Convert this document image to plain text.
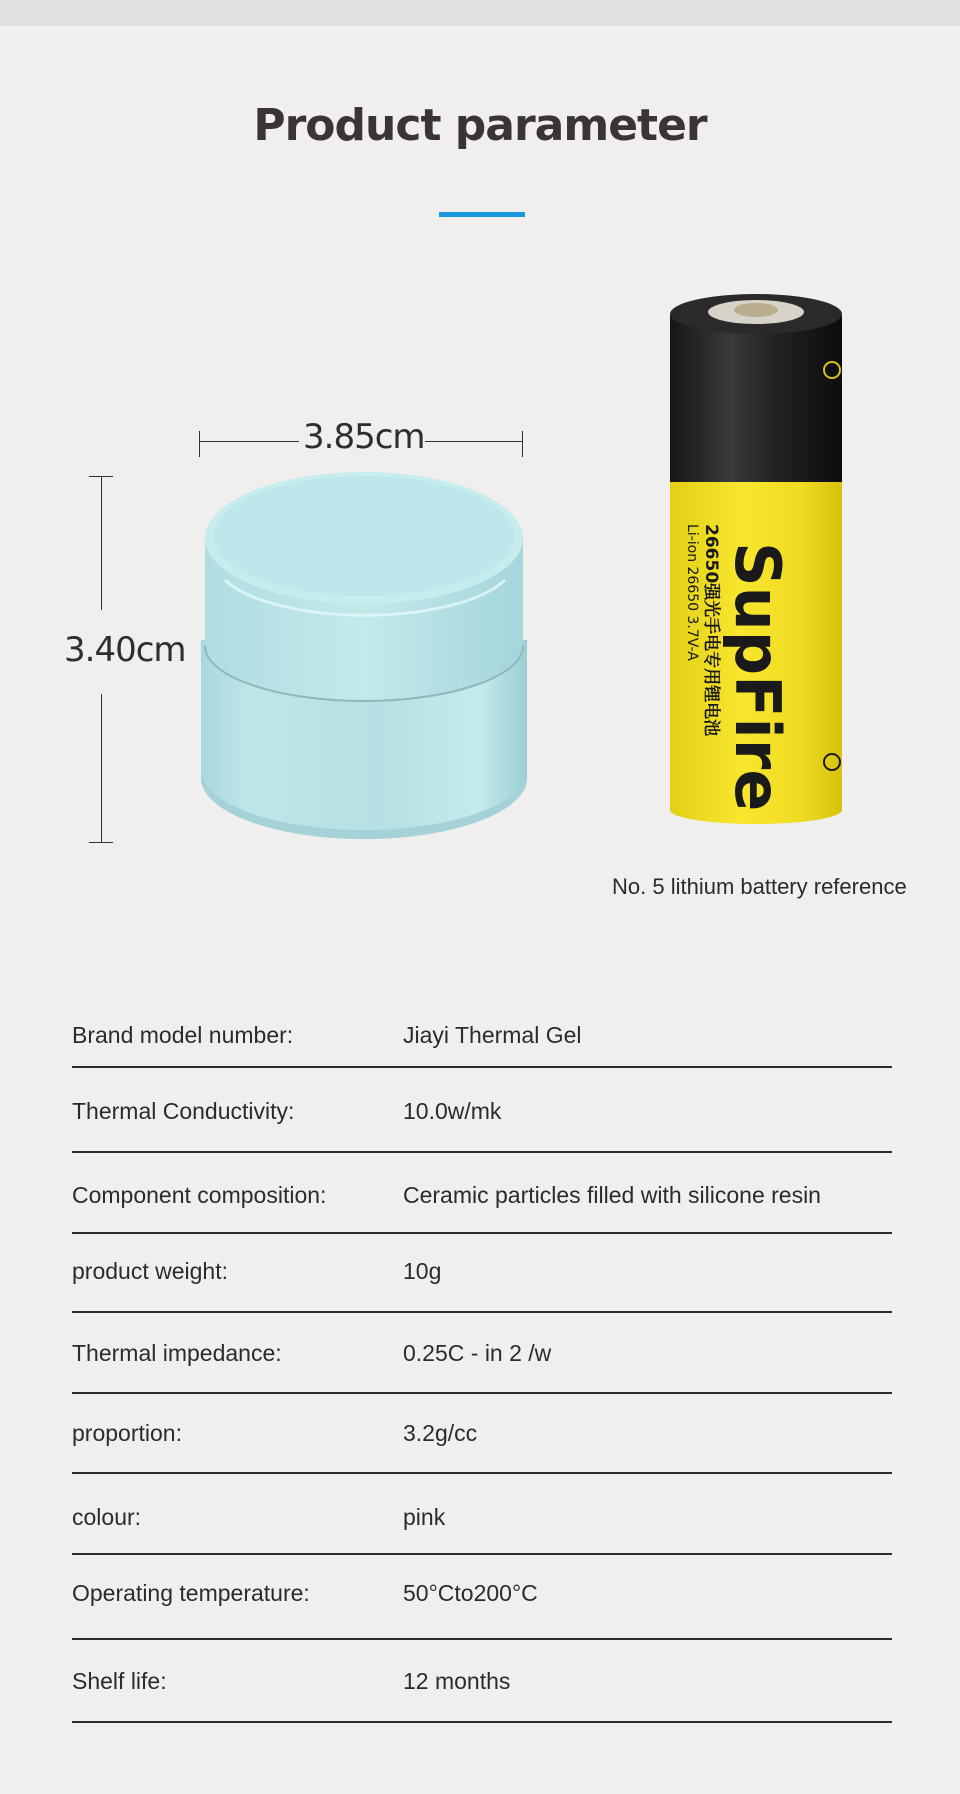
Product parameter
3.85cm
3.40cm	SupFire
26650强光手电专用锂电池
Li-ion 26650 3.7V-A
No. 5 lithium battery reference
Brand model number:	Jiayi Thermal Gel
Thermal Conductivity:	10.0w/mk
Component composition:	Ceramic particles filled with silicone resin
product weight:	10g
Thermal impedance:	0.25C - in 2 /w
proportion:	3.2g/cc
colour:	pink
Operating temperature:	50°Cto200°C
Shelf life:	12 months
